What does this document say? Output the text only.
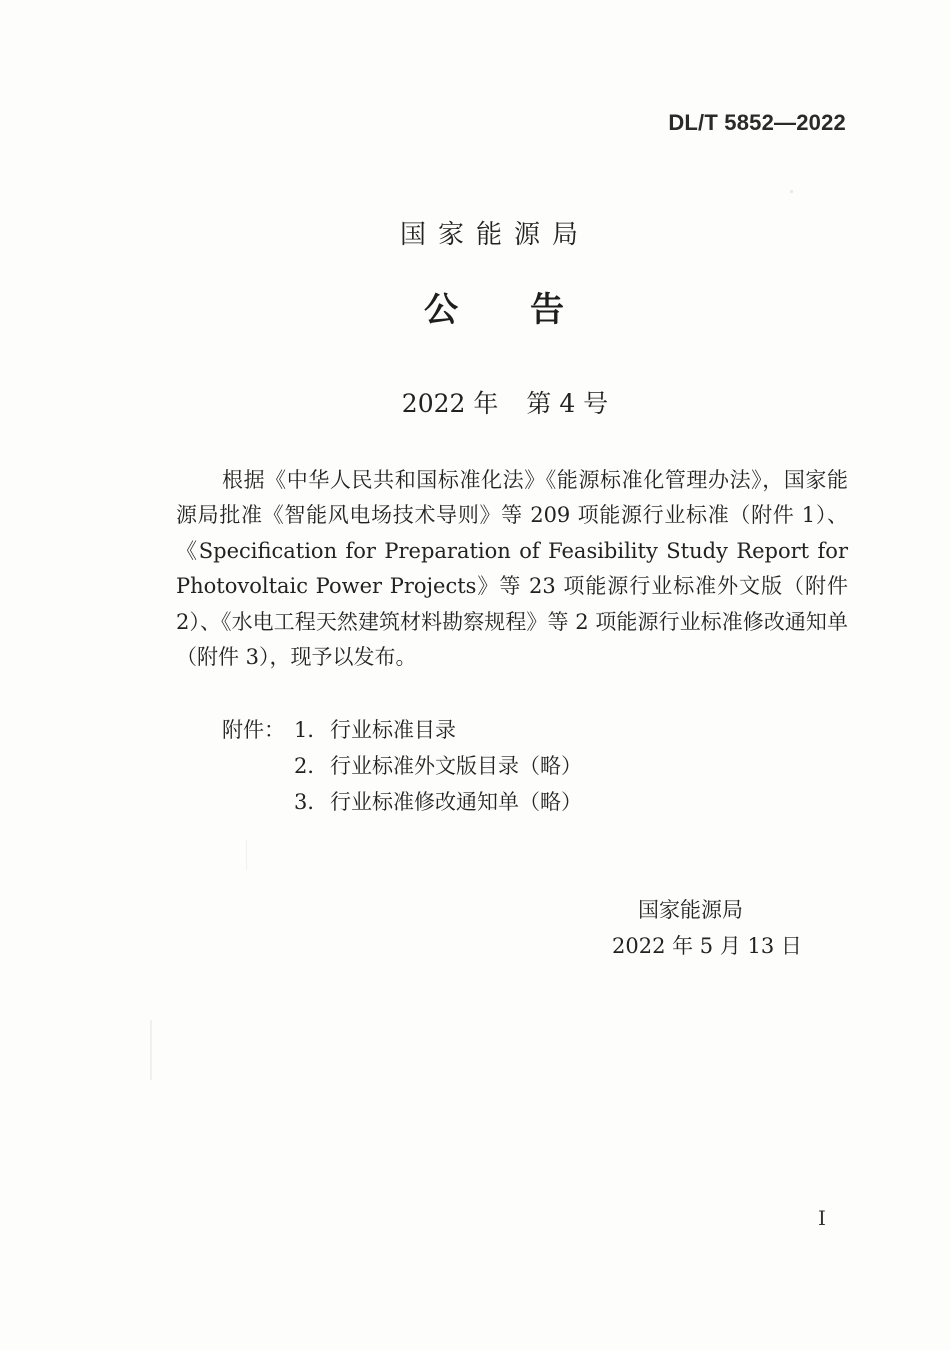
DL/T 5852—2022
国家能源局
公告
2022 年 第 4 号
根据《中华人民共和国标准化法》《能源标准化管理办法》，国家能源局批准《智能风电场技术导则》等 209 项能源行业标准（附件 1）、《Specification for Preparation of Feasibility Study Report for Photovoltaic Power Projects》等 23 项能源行业标准外文版（附件 2）、《水电工程天然建筑材料勘察规程》等 2 项能源行业标准修改通知单（附件 3），现予以发布。
附件： 1．行业标准目录
2．行业标准外文版目录（略）
3．行业标准修改通知单（略）
国家能源局
2022 年 5 月 13 日
I
